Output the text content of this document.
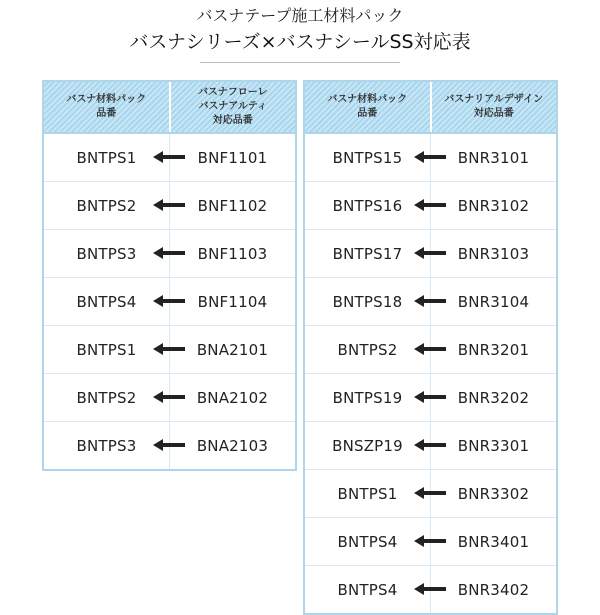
バスナテープ施工材料パック
バスナシリーズ×バスナシールSS対応表
バスナ材料パック
品番
バスナフローレ
バスナアルティ
対応品番
BNTPS1	BNF1101
BNTPS2	BNF1102
BNTPS3	BNF1103
BNTPS4	BNF1104
BNTPS1	BNA2101
BNTPS2	BNA2102
BNTPS3	BNA2103
バスナ材料パック
品番
バスナリアルデザイン
対応品番
BNTPS15	BNR3101
BNTPS16	BNR3102
BNTPS17	BNR3103
BNTPS18	BNR3104
BNTPS2	BNR3201
BNTPS19	BNR3202
BNSZP19	BNR3301
BNTPS1	BNR3302
BNTPS4	BNR3401
BNTPS4	BNR3402
